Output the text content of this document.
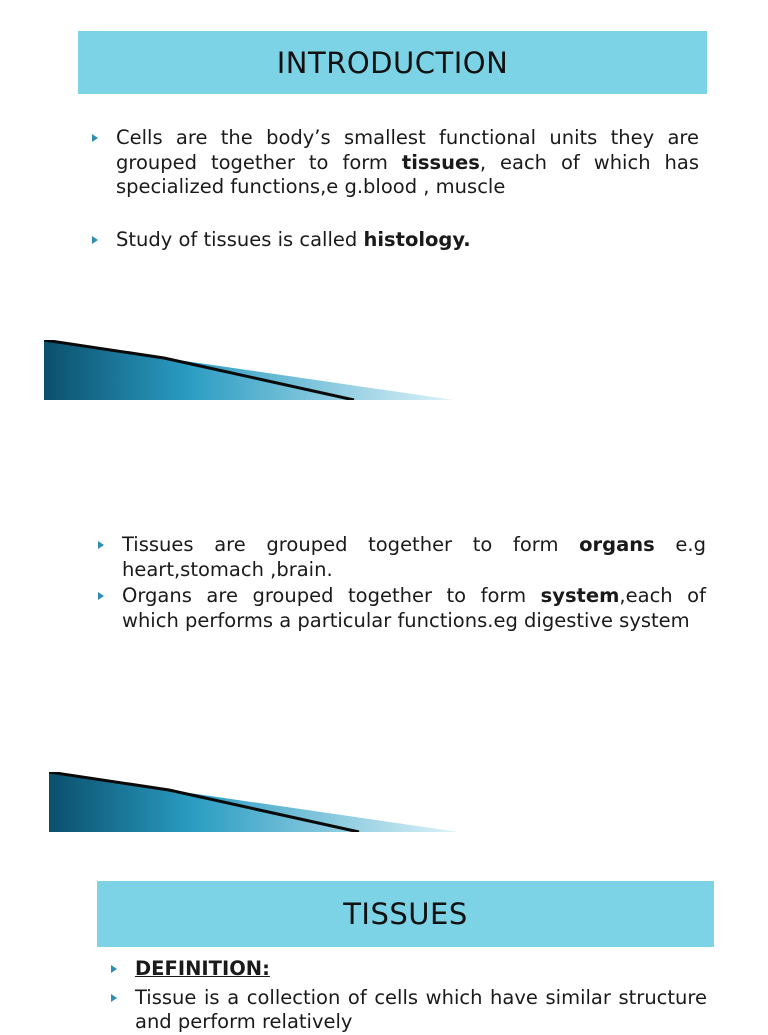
INTRODUCTION
Cells are the body’s smallest functional units they are grouped together to form tissues, each of which has specialized functions,e g.blood , muscle
Study of tissues is called histology.
Tissues are grouped together to form organs e.g heart,stomach ,brain.
Organs are grouped together to form system,each of which performs a particular functions.eg digestive system
TISSUES
DEFINITION:
Tissue is a collection of cells which have similar structure and perform relatively
